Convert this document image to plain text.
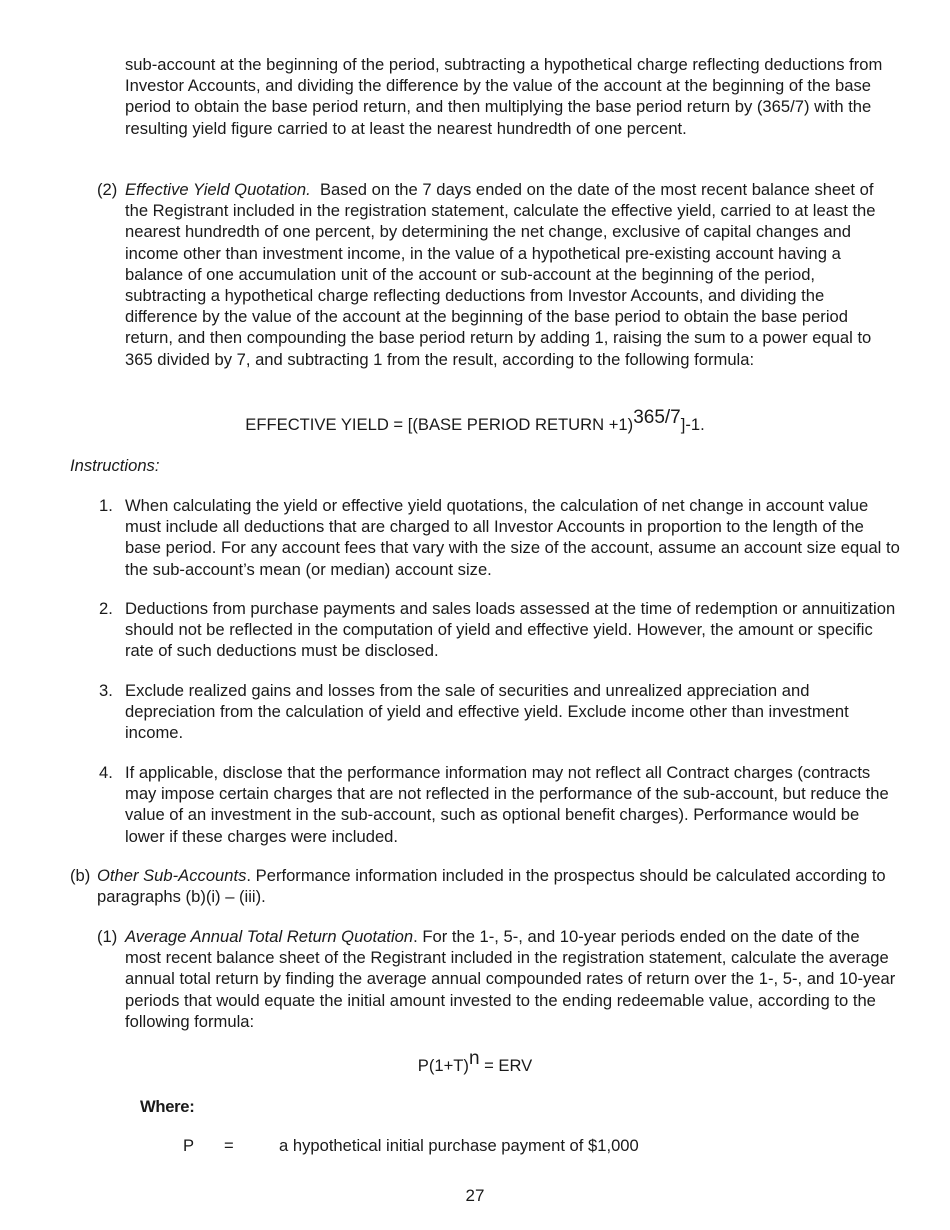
sub-account at the beginning of the period, subtracting a hypothetical charge reflecting deductions from Investor Accounts, and dividing the difference by the value of the account at the beginning of the base period to obtain the base period return, and then multiplying the base period return by (365/7) with the resulting yield figure carried to at least the nearest hundredth of one percent.

(2) Effective Yield Quotation. Based on the 7 days ended on the date of the most recent balance sheet of the Registrant included in the registration statement, calculate the effective yield, carried to at least the nearest hundredth of one percent, by determining the net change, exclusive of capital changes and income other than investment income, in the value of a hypothetical pre-existing account having a balance of one accumulation unit of the account or sub-account at the beginning of the period, subtracting a hypothetical charge reflecting deductions from Investor Accounts, and dividing the difference by the value of the account at the beginning of the base period to obtain the base period return, and then compounding the base period return by adding 1, raising the sum to a power equal to 365 divided by 7, and subtracting 1 from the result, according to the following formula:

EFFECTIVE YIELD = [(BASE PERIOD RETURN +1)$^{365/7}$]-1.
Instructions:
1. When calculating the yield or effective yield quotations, the calculation of net change in account value must include all deductions that are charged to all Investor Accounts in proportion to the length of the base period. For any account fees that vary with the size of the account, assume an account size equal to the sub-account’s mean (or median) account size.

2. Deductions from purchase payments and sales loads assessed at the time of redemption or annuitization should not be reflected in the computation of yield and effective yield. However, the amount or specific rate of such deductions must be disclosed.

3. Exclude realized gains and losses from the sale of securities and unrealized appreciation and depreciation from the calculation of yield and effective yield. Exclude income other than investment income.

4. If applicable, disclose that the performance information may not reflect all Contract charges (contracts may impose certain charges that are not reflected in the performance of the sub-account, but reduce the value of an investment in the sub-account, such as optional benefit charges). Performance would be lower if these charges were included.

(b) Other Sub-Accounts. Performance information included in the prospectus should be calculated according to paragraphs (b)(i) – (iii).

(1) Average Annual Total Return Quotation. For the 1-, 5-, and 10-year periods ended on the date of the most recent balance sheet of the Registrant included in the registration statement, calculate the average annual total return by finding the average annual compounded rates of return over the 1-, 5-, and 10-year periods that would equate the initial amount invested to the ending redeemable value, according to the following formula:

$P(1+T)^n$ = ERV
Where:
P =	a hypothetical initial purchase payment of $1,000
27
